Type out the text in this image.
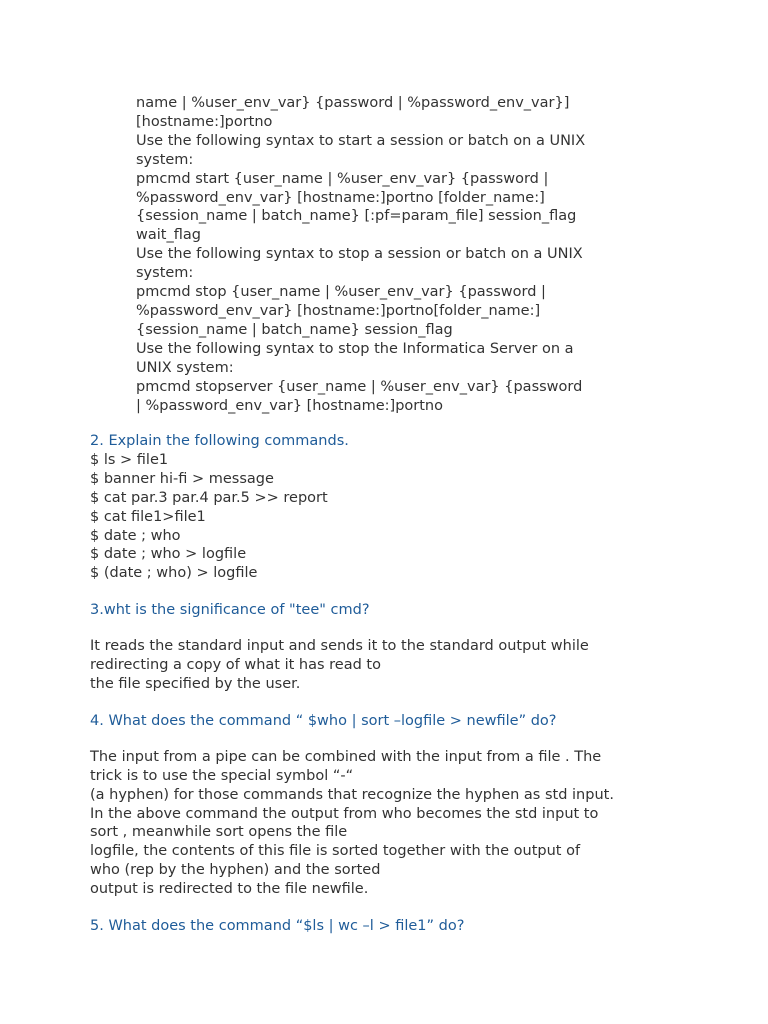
name | %user_env_var} {password | %password_env_var}]
[hostname:]portno
Use the following syntax to start a session or batch on a UNIX
system:
pmcmd start {user_name | %user_env_var} {password |
%password_env_var} [hostname:]portno [folder_name:]
{session_name | batch_name} [:pf=param_file] session_flag
wait_flag
Use the following syntax to stop a session or batch on a UNIX
system:
pmcmd stop {user_name | %user_env_var} {password |
%password_env_var} [hostname:]portno[folder_name:]
{session_name | batch_name} session_flag
Use the following syntax to stop the Informatica Server on a
UNIX system:
pmcmd stopserver {user_name | %user_env_var} {password
| %password_env_var} [hostname:]portno
2. Explain the following commands.
$ ls > file1
$ banner hi-fi > message
$ cat par.3 par.4 par.5 >> report
$ cat file1>file1
$ date ; who
$ date ; who > logfile
$ (date ; who) > logfile
3.wht is the significance of "tee" cmd?
It reads the standard input and sends it to the standard output while
redirecting a copy of what it has read to
the file specified by the user.
4. What does the command “ $who | sort –logfile > newfile” do?
The input from a pipe can be combined with the input from a file . The
trick is to use the special symbol “-“
(a hyphen) for those commands that recognize the hyphen as std input.
In the above command the output from who becomes the std input to
sort , meanwhile sort opens the file
logfile, the contents of this file is sorted together with the output of
who (rep by the hyphen) and the sorted
output is redirected to the file newfile.
5. What does the command “$ls | wc –l > file1” do?
